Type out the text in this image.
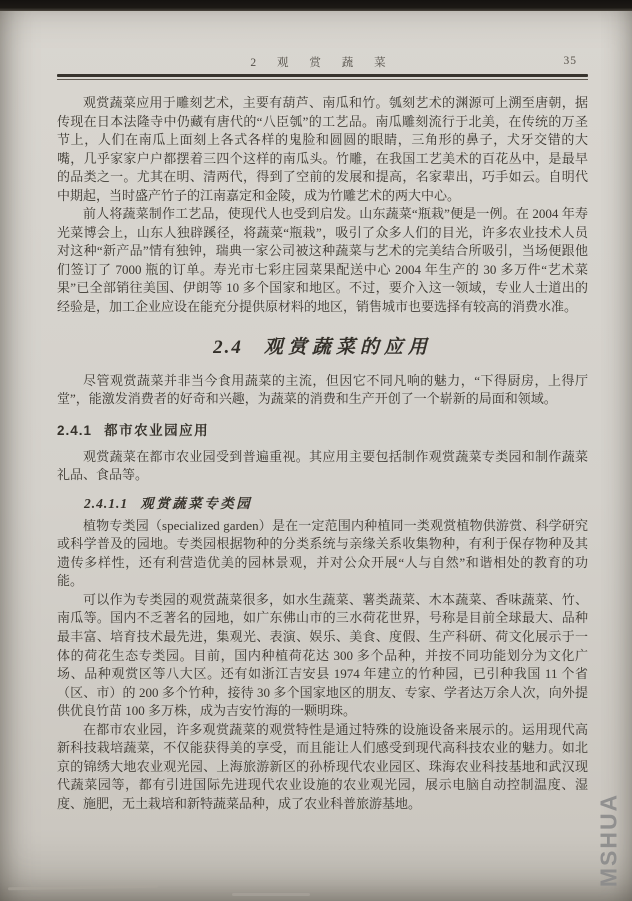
2 观 赏 蔬 菜	35

观赏蔬菜应用于雕刻艺术，主要有葫芦、南瓜和竹。瓠刻艺术的渊源可上溯至唐朝，据传现在日本法隆寺中仍藏有唐代的“八臣瓠”的工艺品。南瓜雕刻流行于北美，在传统的万圣节上，人们在南瓜上面刻上各式各样的鬼脸和圆圆的眼睛，三角形的鼻子，犬牙交错的大嘴，几乎家家户户都摆着三四个这样的南瓜头。竹雕，在我国工艺美术的百花丛中，是最早的品类之一。尤其在明、清两代，得到了空前的发展和提高，名家辈出，巧手如云。自明代中期起，当时盛产竹子的江南嘉定和金陵，成为竹雕艺术的两大中心。

前人将蔬菜制作工艺品，使现代人也受到启发。山东蔬菜“瓶栽”便是一例。在 2004 年寿光菜博会上，山东人独辟蹊径，将蔬菜“瓶栽”，吸引了众多人们的目光，许多农业技术人员对这种“新产品”情有独钟，瑞典一家公司被这种蔬菜与艺术的完美结合所吸引，当场便跟他们签订了 7000 瓶的订单。寿光市七彩庄园菜果配送中心 2004 年生产的 30 多万件“艺术菜果”已全部销往美国、伊朗等 10 多个国家和地区。不过，要介入这一领域，专业人士道出的经验是，加工企业应设在能充分提供原材料的地区，销售城市也要选择有较高的消费水准。

2.4 观赏蔬菜的应用

尽管观赏蔬菜并非当今食用蔬菜的主流，但因它不同凡响的魅力，“下得厨房，上得厅堂”，能激发消费者的好奇和兴趣，为蔬菜的消费和生产开创了一个崭新的局面和领域。

2.4.1 都市农业园应用

观赏蔬菜在都市农业园受到普遍重视。其应用主要包括制作观赏蔬菜专类园和制作蔬菜礼品、食品等。

2.4.1.1 观赏蔬菜专类园

植物专类园（specialized garden）是在一定范围内种植同一类观赏植物供游赏、科学研究或科学普及的园地。专类园根据物种的分类系统与亲缘关系收集物种，有利于保存物种及其遗传多样性，还有利营造优美的园林景观，并对公众开展“人与自然”和谐相处的教育的功能。

可以作为专类园的观赏蔬菜很多，如水生蔬菜、薯类蔬菜、木本蔬菜、香味蔬菜、竹、南瓜等。国内不乏著名的园地，如广东佛山市的三水荷花世界，号称是目前全球最大、品种最丰富、培育技术最先进，集观光、表演、娱乐、美食、度假、生产科研、荷文化展示于一体的荷花生态专类园。目前，国内种植荷花达 300 多个品种，并按不同功能划分为文化广场、品种观赏区等八大区。还有如浙江吉安县 1974 年建立的竹种园，已引种我国 11 个省（区、市）的 200 多个竹种，接待 30 多个国家地区的朋友、专家、学者达万余人次，向外提供优良竹苗 100 多万株，成为吉安竹海的一颗明珠。

在都市农业园，许多观赏蔬菜的观赏特性是通过特殊的设施设备来展示的。运用现代高新科技栽培蔬菜，不仅能获得美的享受，而且能让人们感受到现代高科技农业的魅力。如北京的锦绣大地农业观光园、上海旅游新区的孙桥现代农业园区、珠海农业科技基地和武汉现代蔬菜园等，都有引进国际先进现代农业设施的农业观光园，展示电脑自动控制温度、湿度、施肥，无土栽培和新特蔬菜品种，成了农业科普旅游基地。	MSHUA
